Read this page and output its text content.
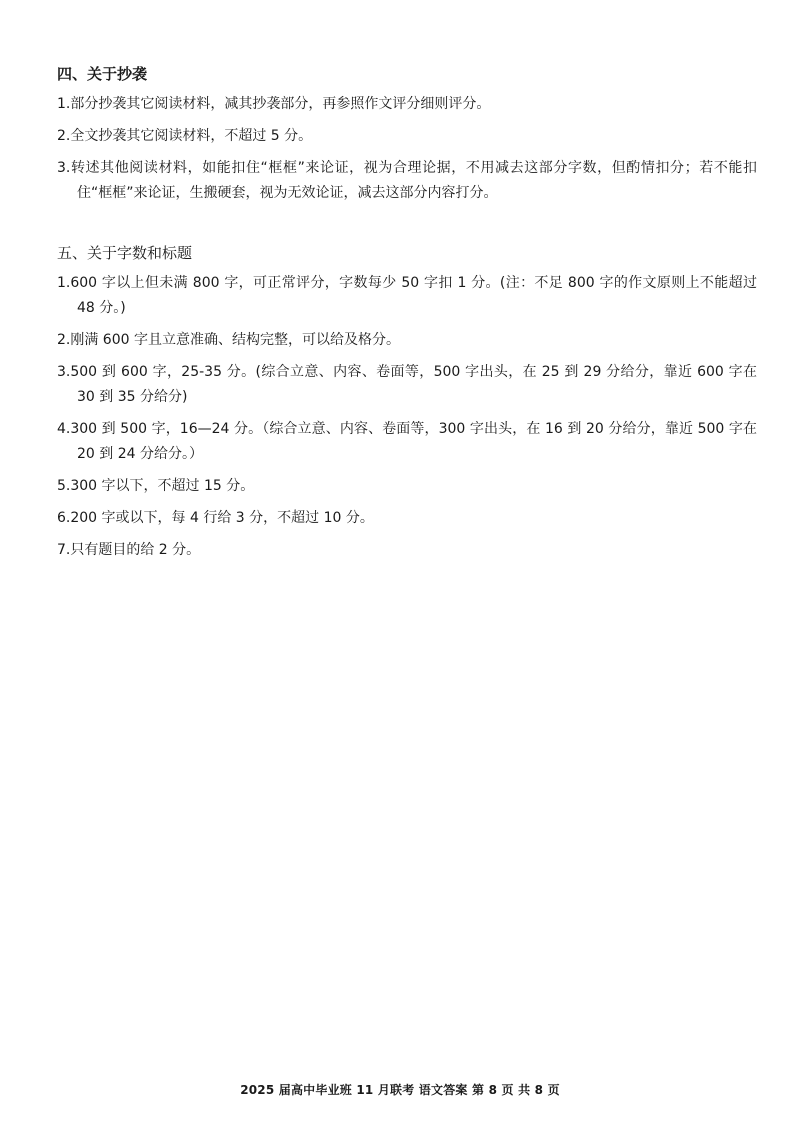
四、关于抄袭

1.部分抄袭其它阅读材料，减其抄袭部分，再参照作文评分细则评分。

2.全文抄袭其它阅读材料，不超过 5 分。

3.转述其他阅读材料，如能扣住“框框”来论证，视为合理论据，不用减去这部分字数，但酌情扣分；若不能扣住“框框”来论证，生搬硬套，视为无效论证，减去这部分内容打分。

五、关于字数和标题

1.600 字以上但未满 800 字，可正常评分，字数每少 50 字扣 1 分。(注：不足 800 字的作文原则上不能超过 48 分。)

2.刚满 600 字且立意准确、结构完整，可以给及格分。

3.500 到 600 字，25-35 分。(综合立意、内容、卷面等，500 字出头，在 25 到 29 分给分，靠近 600 字在 30 到 35 分给分)

4.300 到 500 字，16—24 分。（综合立意、内容、卷面等，300 字出头，在 16 到 20 分给分，靠近 500 字在 20 到 24 分给分。）

5.300 字以下，不超过 15 分。

6.200 字或以下，每 4 行给 3 分，不超过 10 分。

7.只有题目的给 2 分。

2025 届高中毕业班 11 月联考 语文答案 第 8 页 共 8 页
